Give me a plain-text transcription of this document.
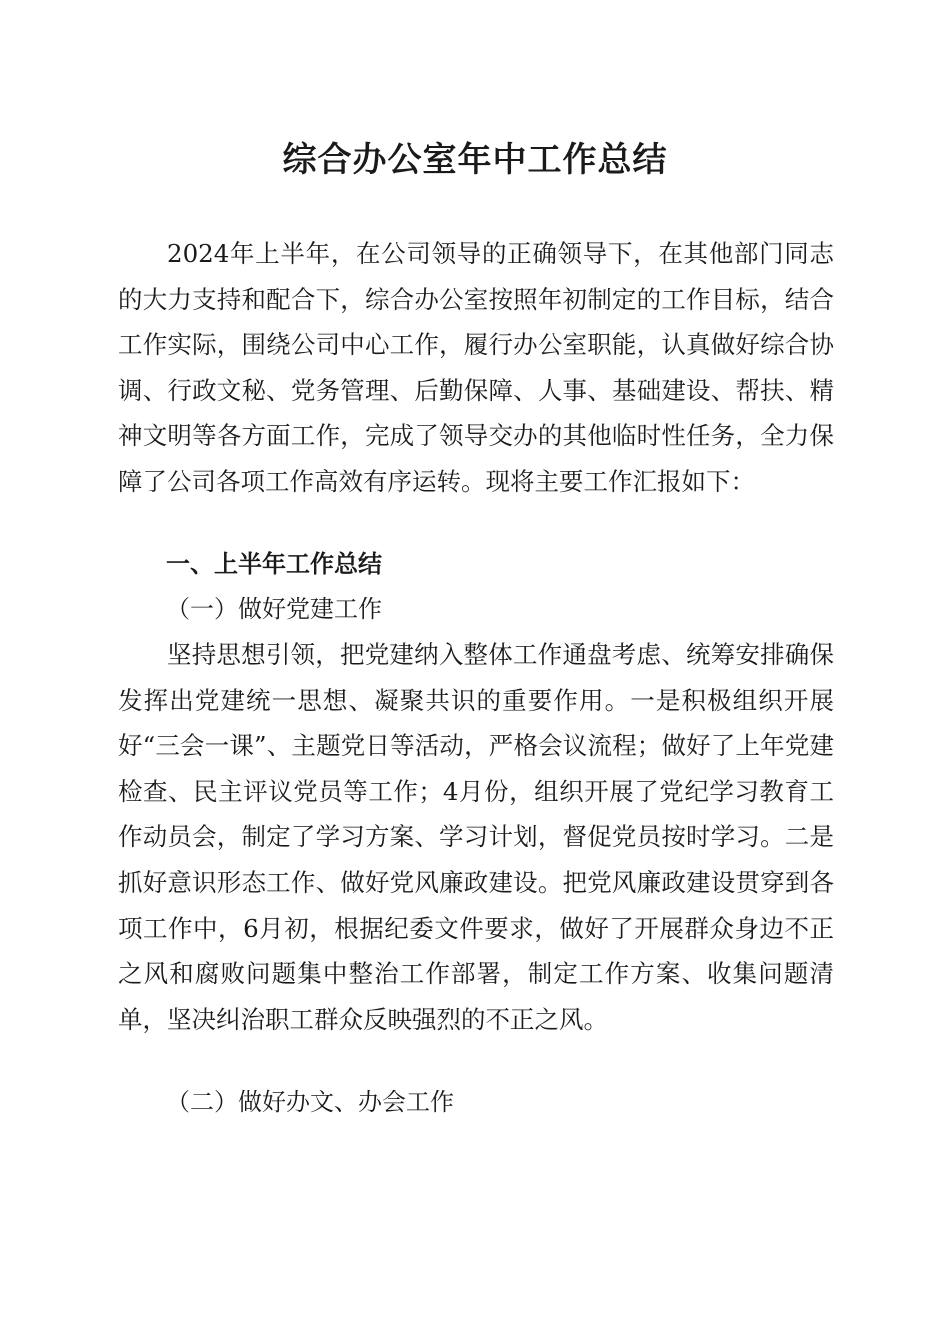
综合办公室年中工作总结

2024年上半年，在公司领导的正确领导下，在其他部门同志的大力支持和配合下，综合办公室按照年初制定的工作目标，结合工作实际，围绕公司中心工作，履行办公室职能，认真做好综合协调、行政文秘、党务管理、后勤保障、人事、基础建设、帮扶、精神文明等各方面工作，完成了领导交办的其他临时性任务，全力保障了公司各项工作高效有序运转。现将主要工作汇报如下：

一、上半年工作总结
（一）做好党建工作

坚持思想引领，把党建纳入整体工作通盘考虑、统筹安排确保发挥出党建统一思想、凝聚共识的重要作用。一是积极组织开展好“三会一课”、主题党日等活动，严格会议流程；做好了上年党建检查、民主评议党员等工作；4月份，组织开展了党纪学习教育工作动员会，制定了学习方案、学习计划，督促党员按时学习。二是抓好意识形态工作、做好党风廉政建设。把党风廉政建设贯穿到各项工作中，6月初，根据纪委文件要求，做好了开展群众身边不正之风和腐败问题集中整治工作部署，制定工作方案、收集问题清单，坚决纠治职工群众反映强烈的不正之风。

（二）做好办文、办会工作
